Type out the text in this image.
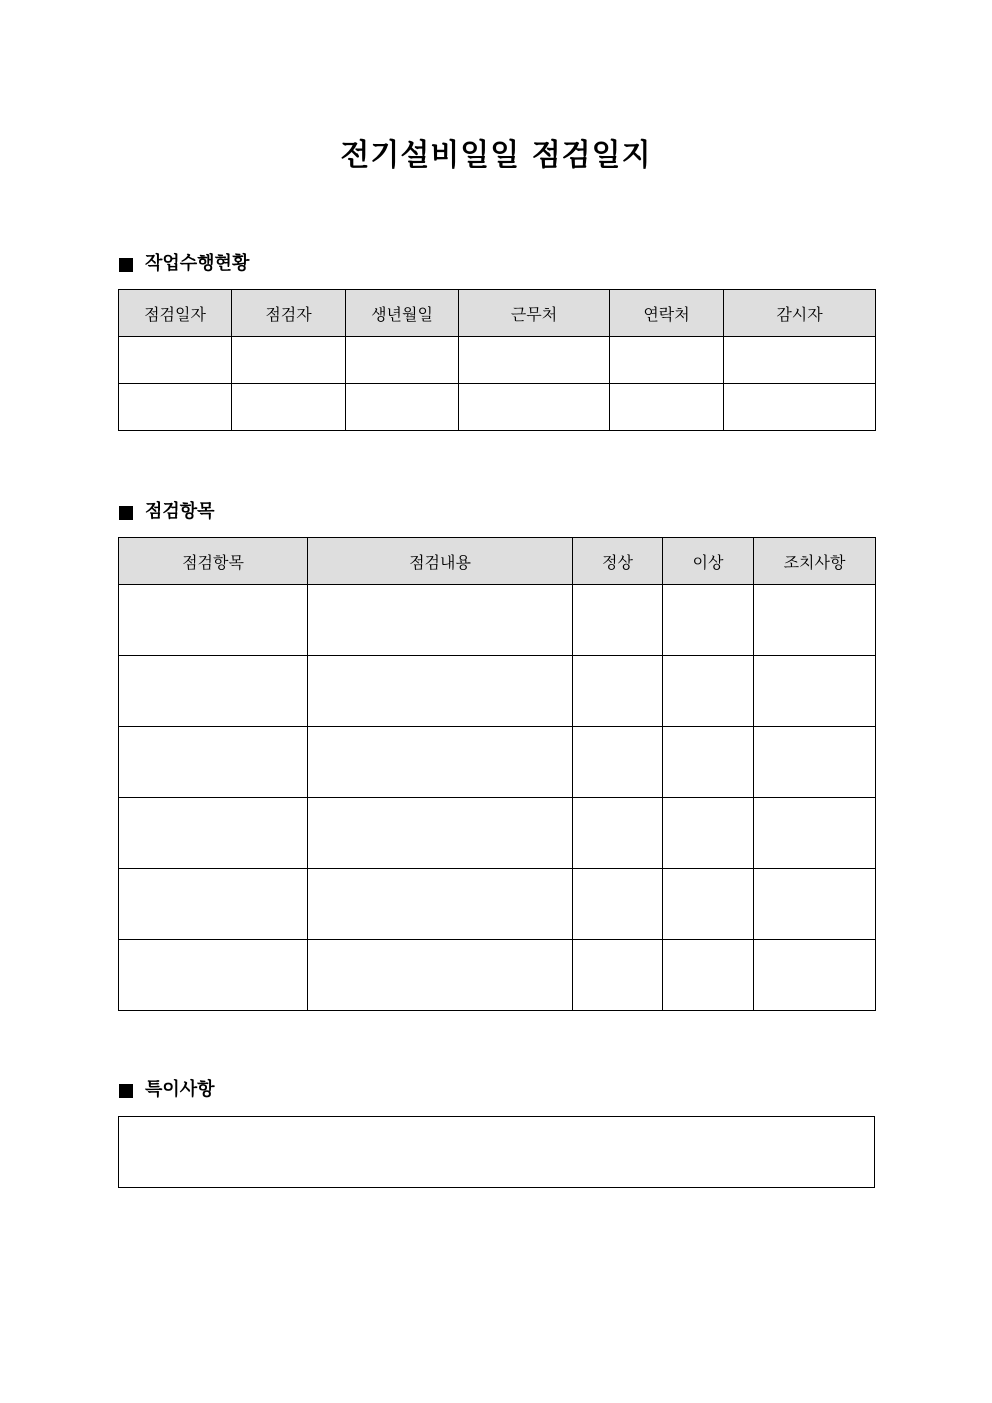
전기설비일일 점검일지
작업수행현황
점검일자	점검자	생년월일	근무처	연락처	감시자

점검항목
점검항목	점검내용	정상	이상	조치사항

특이사항
